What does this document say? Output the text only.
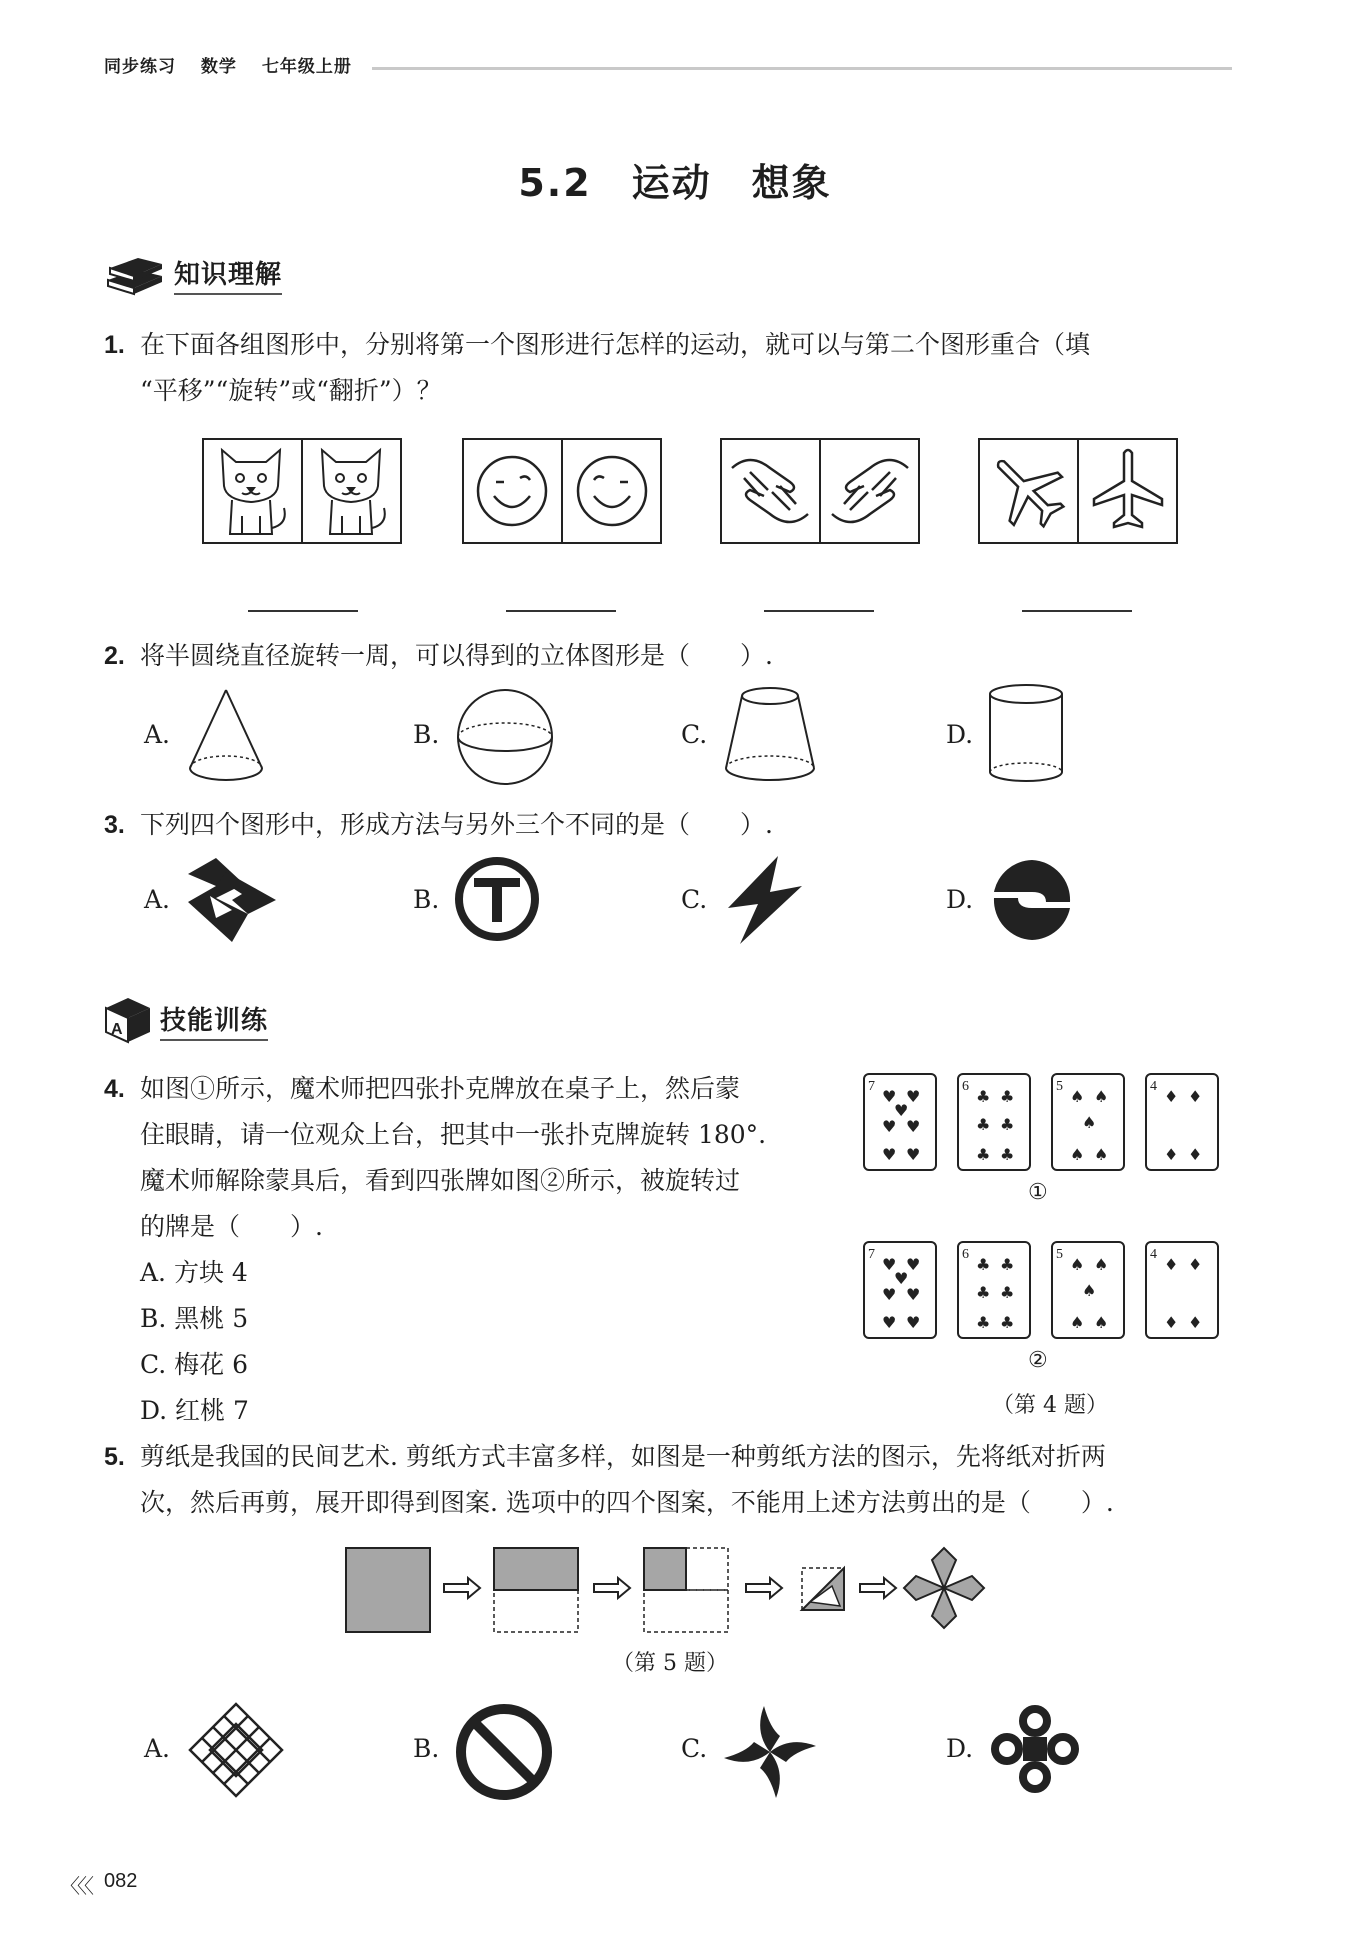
同步练习 数学 七年级上册
5.2　运动　想象
知识理解
1. 在下面各组图形中，分别将第一个图形进行怎样的运动，就可以与第二个图形重合（填
“平移”“旋转”或“翻折”）？
2. 将半圆绕直径旋转一周，可以得到的立体图形是（　　）.
A.	B.	C.	D.
3. 下列四个图形中，形成方法与另外三个不同的是（　　）.
A.	B.	C.	D.
A 技能训练
4. 如图①所示，魔术师把四张扑克牌放在桌子上，然后蒙
住眼睛，请一位观众上台，把其中一张扑克牌旋转 180°.
魔术师解除蒙具后，看到四张牌如图②所示，被旋转过
的牌是（　　）.
A. 方块 4
B. 黑桃 5
C. 梅花 6
D. 红桃 7
7
♥ ♥
♥
♥ ♥
♥ ♥
6
♣ ♣
♣ ♣
♣ ♣
5
♠ ♠
♠
♠ ♠
4
♦ ♦
♦ ♦
①
7
♥ ♥
♥
♥ ♥
♥ ♥
6
♣ ♣
♣ ♣
♣ ♣
5
♠ ♠
♠
♠ ♠
4
♦ ♦
♦ ♦
②
（第 4 题）
5. 剪纸是我国的民间艺术. 剪纸方式丰富多样，如图是一种剪纸方法的图示，先将纸对折两
次，然后再剪，展开即得到图案. 选项中的四个图案，不能用上述方法剪出的是（　　）.
（第 5 题）
A.	B.	C.	D.
〈〈〈 082
